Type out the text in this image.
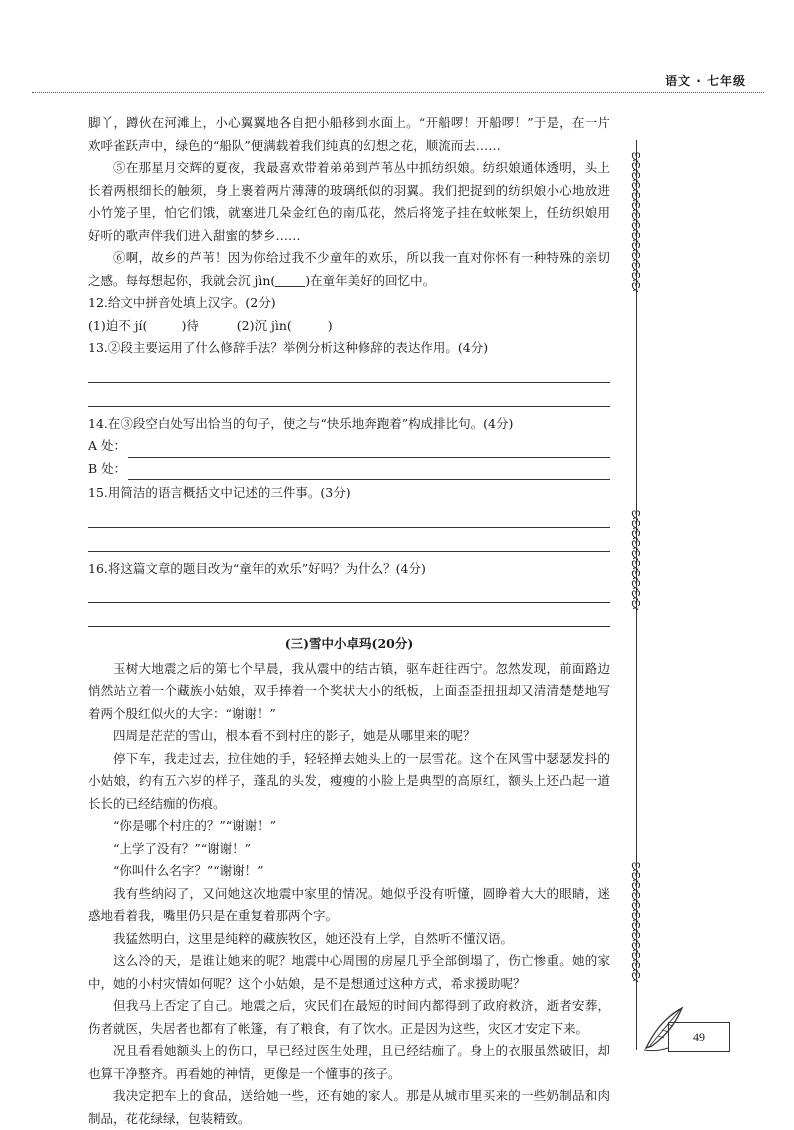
语文 · 七年级
ღ
ღ
ღ
ღ
ღ
ღ
ღ
ღ
ღ
ღ
ღ
ღ
ღ
ღ
ღ
ღ
ღ
ღ
ღ
ღ
ღ
ღ
ღ
ღ
ღ
ღ
ღ
ღ
ღ
ღ
ღ
ღ
ღ
ღ
ღ
ღ

脚丫，蹲伙在河滩上，小心翼翼地各自把小船移到水面上。“开船啰！开船啰！”于是，在一片欢呼雀跃声中，绿色的“船队”便满载着我们纯真的幻想之花，顺流而去……

⑤在那星月交辉的夏夜，我最喜欢带着弟弟到芦苇丛中抓纺织娘。纺织娘通体透明，头上长着两根细长的触须，身上裹着两片薄薄的玻璃纸似的羽翼。我们把捉到的纺织娘小心地放进小竹笼子里，怕它们饿，就塞进几朵金红色的南瓜花，然后将笼子挂在蚊帐架上，任纺织娘用好听的歌声伴我们进入甜蜜的梦乡……

⑥啊，故乡的芦苇！因为你给过我不少童年的欢乐，所以我一直对你怀有一种特殊的亲切之感。每每想起你，我就会沉 jìn( )在童年美好的回忆中。

12.给文中拼音处填上汉字。(2分)

(1)迫不 jí(	)待	(2)沉 jìn(	)

13.②段主要运用了什么修辞手法？举例分析这种修辞的表达作用。(4分)

14.在③段空白处写出恰当的句子，使之与“快乐地奔跑着”构成排比句。(4分)

A 处：
B 处：

15.用简洁的语言概括文中记述的三件事。(3分)

16.将这篇文章的题目改为“童年的欢乐”好吗？为什么？(4分)

(三)雪中小卓玛(20分)

玉树大地震之后的第七个早晨，我从震中的结古镇，驱车赶往西宁。忽然发现，前面路边悄然站立着一个藏族小姑娘，双手捧着一个奖状大小的纸板，上面歪歪扭扭却又清清楚楚地写着两个殷红似火的大字：“谢谢！”

四周是茫茫的雪山，根本看不到村庄的影子，她是从哪里来的呢？

停下车，我走过去，拉住她的手，轻轻掸去她头上的一层雪花。这个在风雪中瑟瑟发抖的小姑娘，约有五六岁的样子，蓬乱的头发，瘦瘦的小脸上是典型的高原红，额头上还凸起一道长长的已经结痂的伤痕。

“你是哪个村庄的？”“谢谢！”

“上学了没有？”“谢谢！”

“你叫什么名字？”“谢谢！”

我有些纳闷了，又问她这次地震中家里的情况。她似乎没有听懂，圆睁着大大的眼睛，迷惑地看着我，嘴里仍只是在重复着那两个字。

我猛然明白，这里是纯粹的藏族牧区，她还没有上学，自然听不懂汉语。

这么冷的天，是谁让她来的呢？地震中心周围的房屋几乎全部倒塌了，伤亡惨重。她的家中，她的小村灾情如何呢？这个小姑娘，是不是想通过这种方式，希求援助呢？

但我马上否定了自己。地震之后，灾民们在最短的时间内都得到了政府救济，逝者安葬，伤者就医，失居者也都有了帐篷，有了粮食，有了饮水。正是因为这些，灾区才安定下来。

况且看看她额头上的伤口，早已经过医生处理，且已经结痂了。身上的衣服虽然破旧，却也算干净整齐。再看她的神情，更像是一个懂事的孩子。

我决定把车上的食品，送给她一些，还有她的家人。那是从城市里买来的一些奶制品和肉制品，花花绿绿，包装精致。

49
